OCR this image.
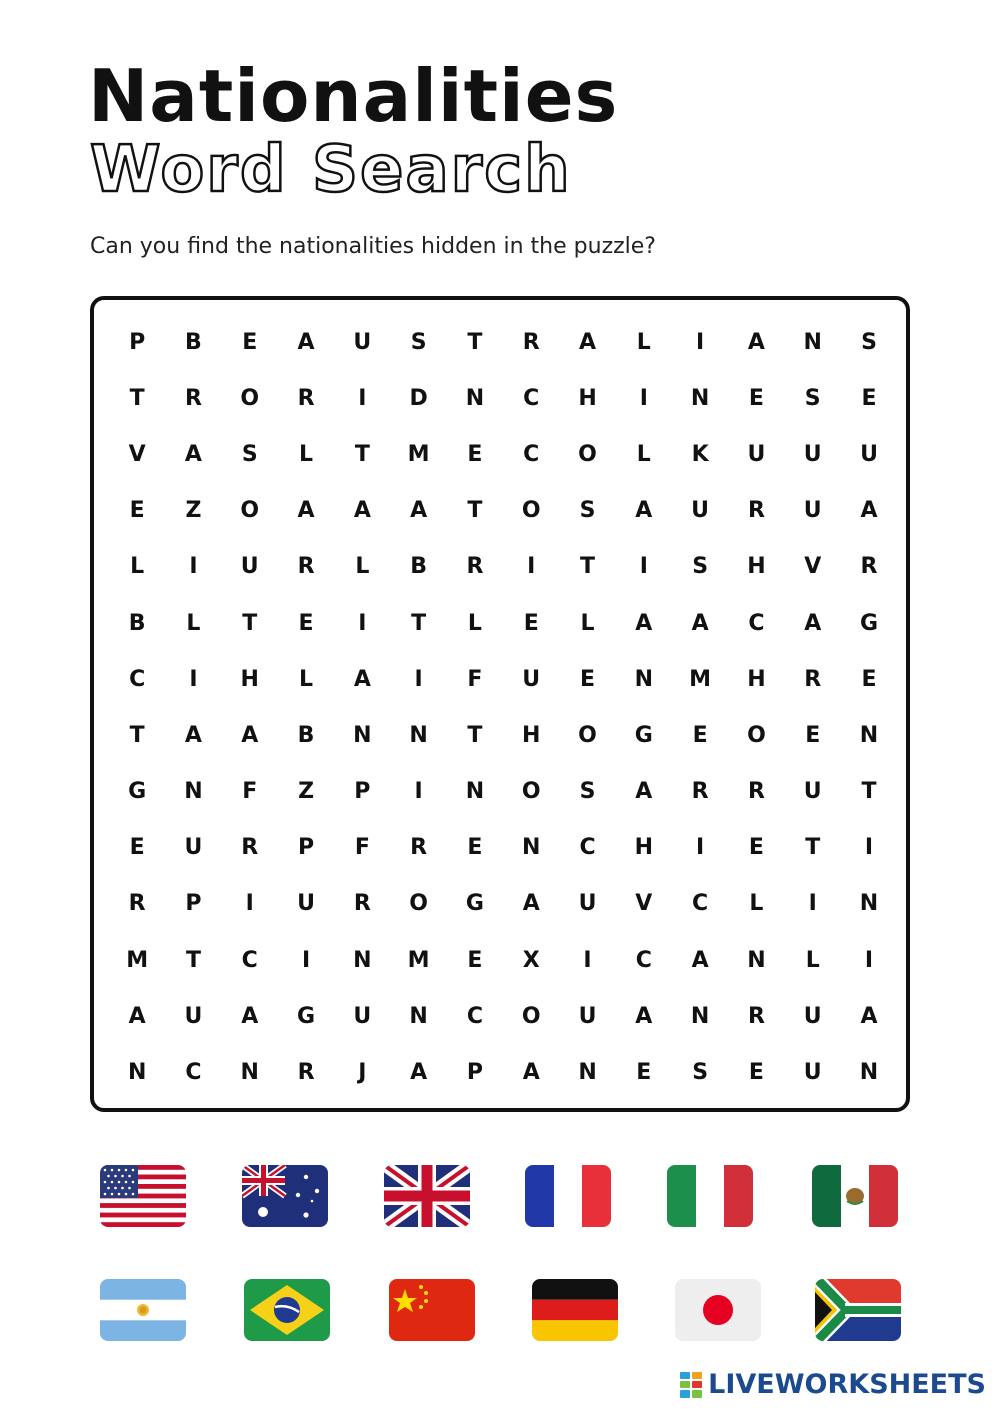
Nationalities
Word Search
Can you find the nationalities hidden in the puzzle?
P	B	E	A	U	S	T	R	A	L	I	A	N	S
T	R	O	R	I	D	N	C	H	I	N	E	S	E
V	A	S	L	T	M	E	C	O	L	K	U	U	U
E	Z	O	A	A	A	T	O	S	A	U	R	U	A
L	I	U	R	L	B	R	I	T	I	S	H	V	R
B	L	T	E	I	T	L	E	L	A	A	C	A	G
C	I	H	L	A	I	F	U	E	N	M	H	R	E
T	A	A	B	N	N	T	H	O	G	E	O	E	N
G	N	F	Z	P	I	N	O	S	A	R	R	U	T
E	U	R	P	F	R	E	N	C	H	I	E	T	I
R	P	I	U	R	O	G	A	U	V	C	L	I	N
M	T	C	I	N	M	E	X	I	C	A	N	L	I
A	U	A	G	U	N	C	O	U	A	N	R	U	A
N	C	N	R	J	A	P	A	N	E	S	E	U	N
LIVEWORKSHEETS
